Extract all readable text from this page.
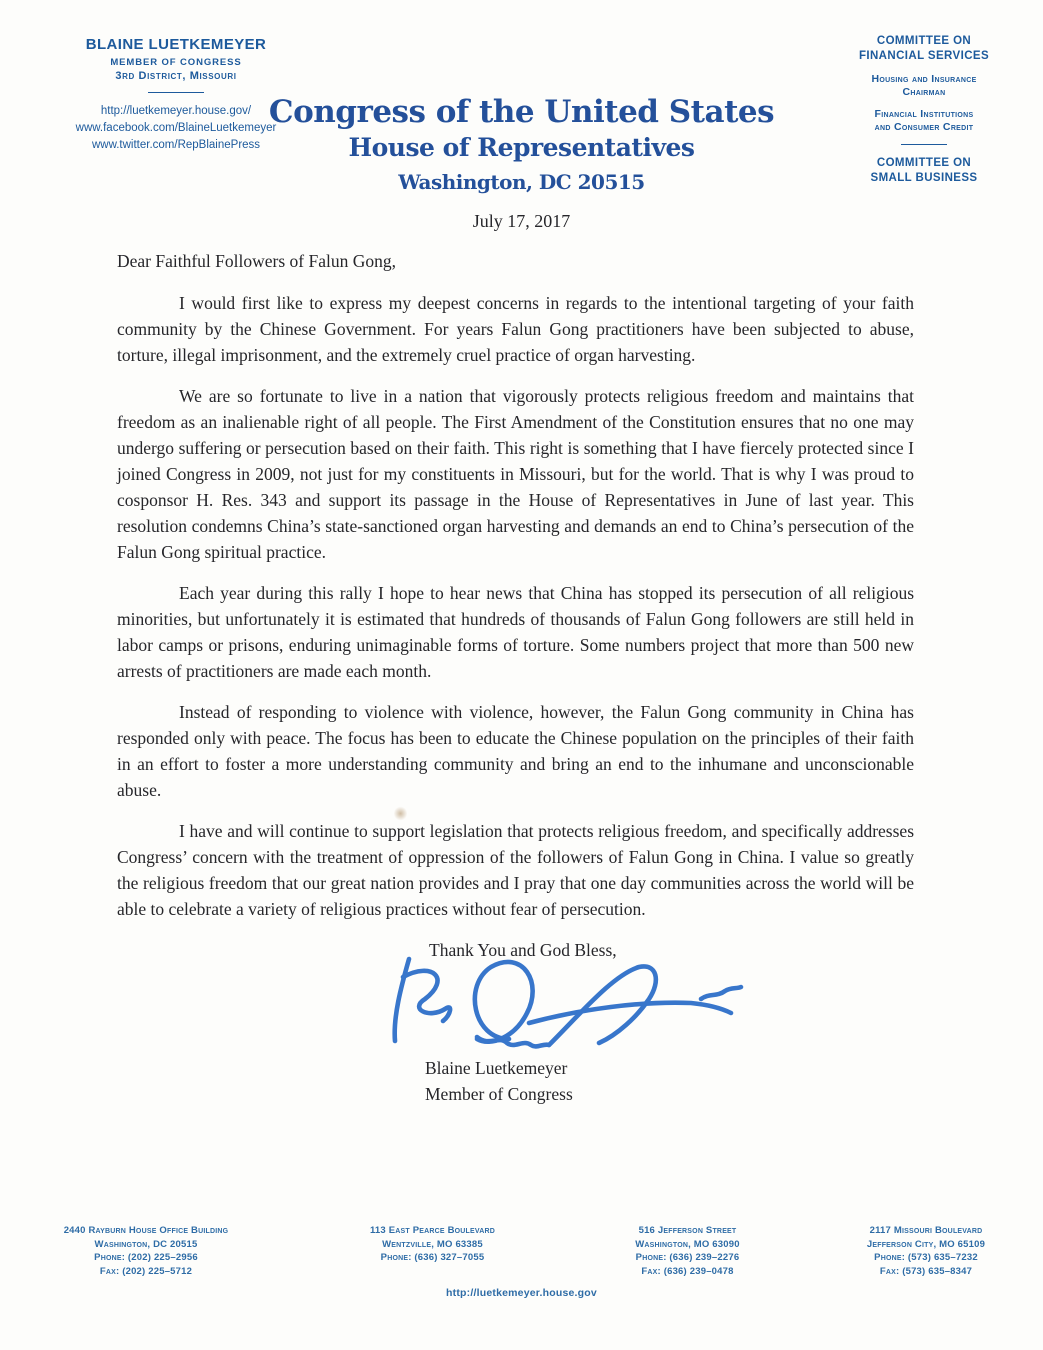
BLAINE LUETKEMEYER
MEMBER OF CONGRESS
3rd District, Missouri
http://luetkemeyer.house.gov/
www.facebook.com/BlaineLuetkemeyer
www.twitter.com/RepBlainePress
Congress of the United States
House of Representatives
Washington, DC 20515
July 17, 2017
COMMITTEE ON
FINANCIAL SERVICES
Housing and Insurance
Chairman
Financial Institutions
and Consumer Credit
COMMITTEE ON
SMALL BUSINESS
Dear Faithful Followers of Falun Gong,

I would first like to express my deepest concerns in regards to the intentional targeting of your faith community by the Chinese Government. For years Falun Gong practitioners have been subjected to abuse, torture, illegal imprisonment, and the extremely cruel practice of organ harvesting.

We are so fortunate to live in a nation that vigorously protects religious freedom and maintains that freedom as an inalienable right of all people. The First Amendment of the Constitution ensures that no one may undergo suffering or persecution based on their faith. This right is something that I have fiercely protected since I joined Congress in 2009, not just for my constituents in Missouri, but for the world. That is why I was proud to cosponsor H. Res. 343 and support its passage in the House of Representatives in June of last year. This resolution condemns China’s state-sanctioned organ harvesting and demands an end to China’s persecution of the Falun Gong spiritual practice.

Each year during this rally I hope to hear news that China has stopped its persecution of all religious minorities, but unfortunately it is estimated that hundreds of thousands of Falun Gong followers are still held in labor camps or prisons, enduring unimaginable forms of torture. Some numbers project that more than 500 new arrests of practitioners are made each month.

Instead of responding to violence with violence, however, the Falun Gong community in China has responded only with peace. The focus has been to educate the Chinese population on the principles of their faith in an effort to foster a more understanding community and bring an end to the inhumane and unconscionable abuse.

I have and will continue to support legislation that protects religious freedom, and specifically addresses Congress’ concern with the treatment of oppression of the followers of Falun Gong in China. I value so greatly the religious freedom that our great nation provides and I pray that one day communities across the world will be able to celebrate a variety of religious practices without fear of persecution.

Thank You and God Bless,
Blaine Luetkemeyer
Member of Congress
2440 Rayburn House Office Building
Washington, DC 20515
Phone: (202) 225–2956
Fax: (202) 225–5712
113 East Pearce Boulevard
Wentzville, MO 63385
Phone: (636) 327–7055
516 Jefferson Street
Washington, MO 63090
Phone: (636) 239–2276
Fax: (636) 239–0478
2117 Missouri Boulevard
Jefferson City, MO 65109
Phone: (573) 635–7232
Fax: (573) 635–8347
http://luetkemeyer.house.gov
